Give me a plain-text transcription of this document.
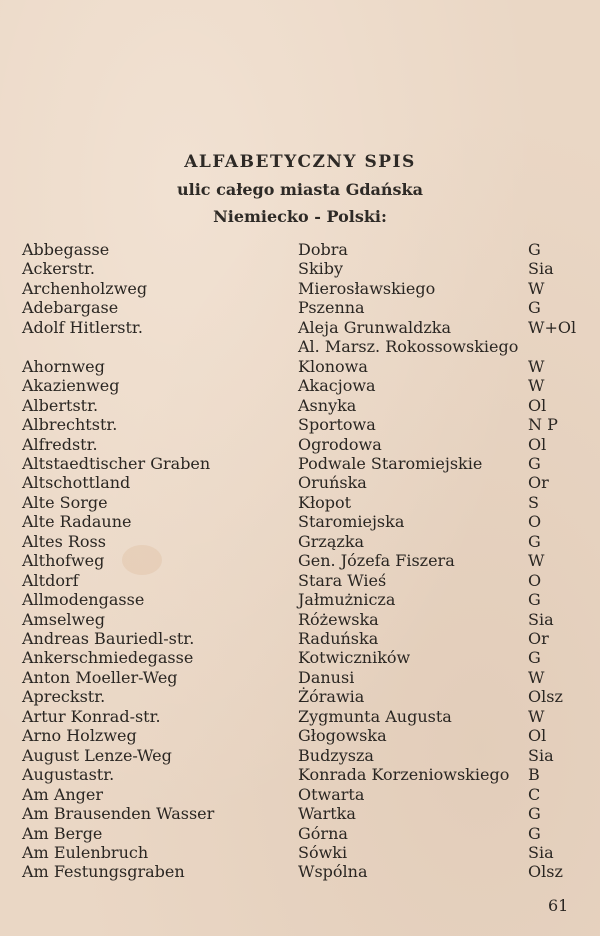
ALFABETYCZNY SPIS
ulic całego miasta Gdańska
Niemiecko - Polski:
Abbegasse	Dobra	G
Ackerstr.	Skiby	Sia
Archenholzweg	Mierosławskiego	W
Adebargase	Pszenna	G
Adolf Hitlerstr.	Aleja Grunwaldzka	W+Ol
Al. Marsz. Rokossowskiego
Ahornweg	Klonowa	W
Akazienweg	Akacjowa	W
Albertstr.	Asnyka	Ol
Albrechtstr.	Sportowa	N P
Alfredstr.	Ogrodowa	Ol
Altstaedtischer Graben	Podwale Staromiejskie	G
Altschottland	Oruńska	Or
Alte Sorge	Kłopot	S
Alte Radaune	Staromiejska	O
Altes Ross	Grzązka	G
Althofweg	Gen. Józefa Fiszera	W
Altdorf	Stara Wieś	O
Allmodengasse	Jałmużnicza	G
Amselweg	Różewska	Sia
Andreas Bauriedl-str.	Raduńska	Or
Ankerschmiedegasse	Kotwiczników	G
Anton Moeller-Weg	Danusi	W
Apreckstr.	Żórawia	Olsz
Artur Konrad-str.	Zygmunta Augusta	W
Arno Holzweg	Głogowska	Ol
August Lenze-Weg	Budzysza	Sia
Augustastr.	Konrada Korzeniowskiego B
Am Anger	Otwarta	C
Am Brausenden Wasser	Wartka	G
Am Berge	Górna	G
Am Eulenbruch	Sówki	Sia
Am Festungsgraben	Wspólna	Olsz
61
